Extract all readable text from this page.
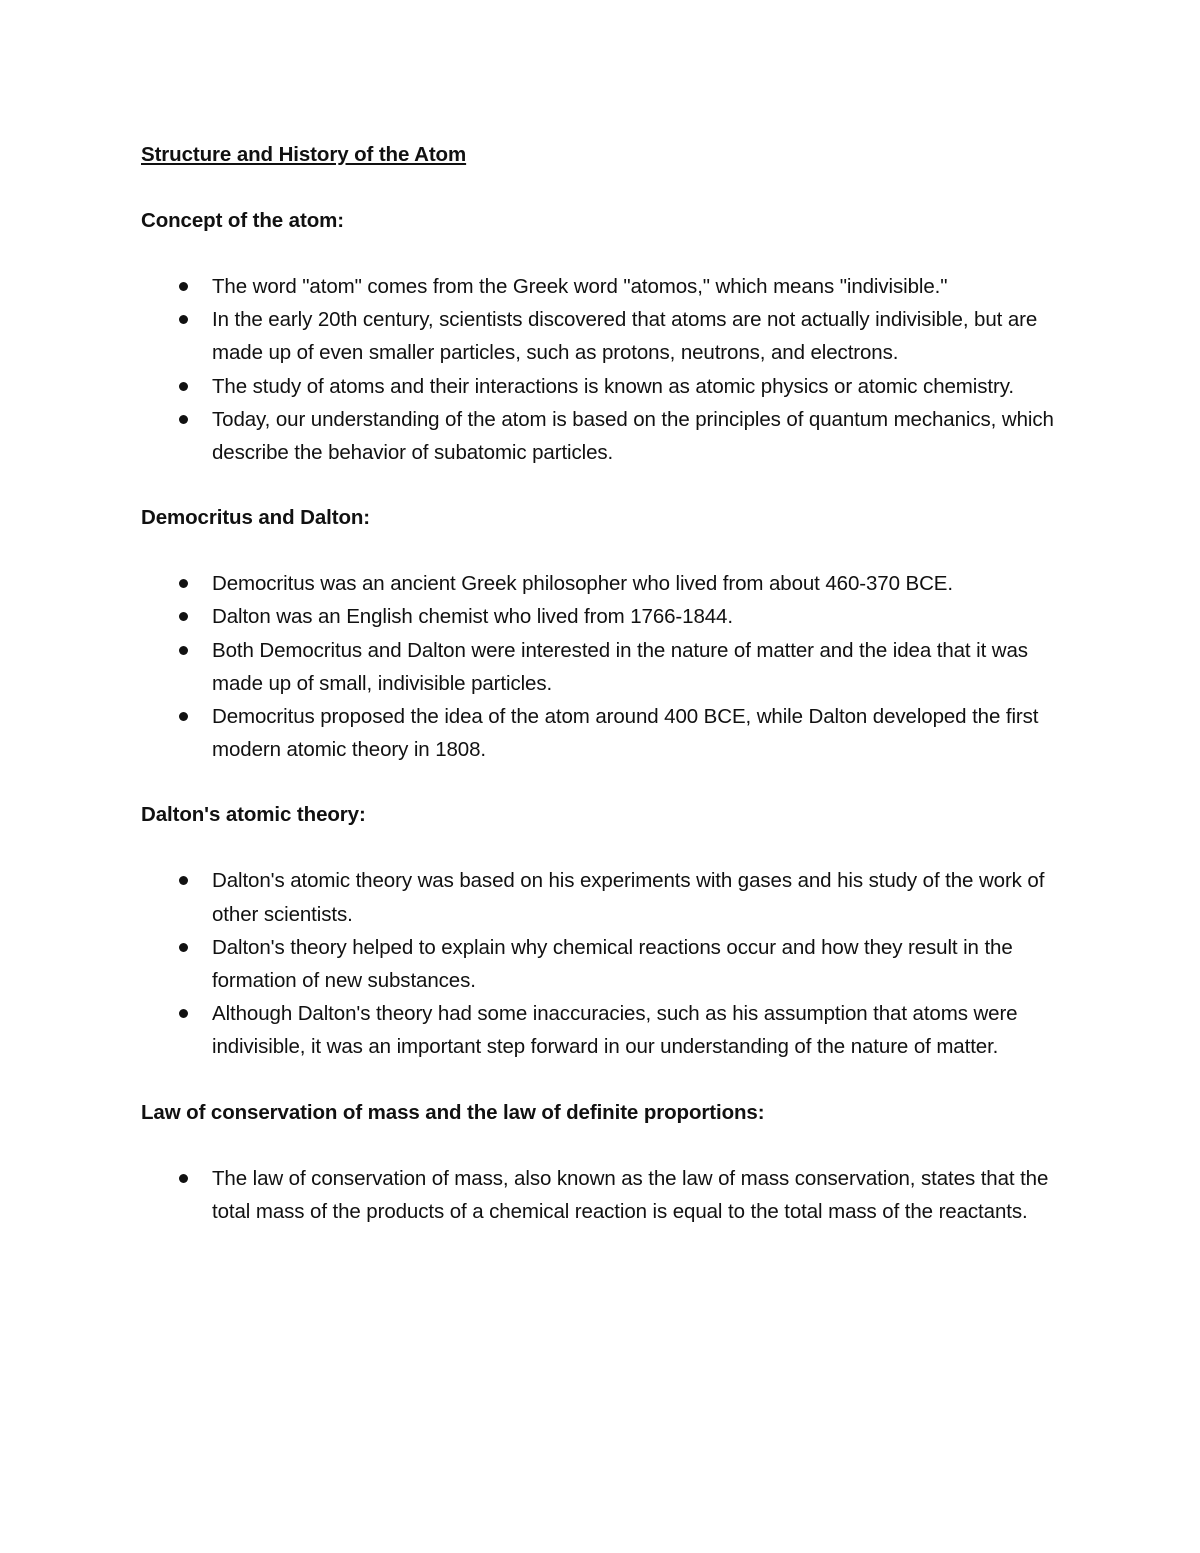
Structure and History of the Atom

Concept of the atom:

The word "atom" comes from the Greek word "atomos," which means "indivisible."
In the early 20th century, scientists discovered that atoms are not actually indivisible, but are made up of even smaller particles, such as protons, neutrons, and electrons.
The study of atoms and their interactions is known as atomic physics or atomic chemistry.
Today, our understanding of the atom is based on the principles of quantum mechanics, which describe the behavior of subatomic particles.

Democritus and Dalton:

Democritus was an ancient Greek philosopher who lived from about 460-370 BCE.
Dalton was an English chemist who lived from 1766-1844.
Both Democritus and Dalton were interested in the nature of matter and the idea that it was made up of small, indivisible particles.
Democritus proposed the idea of the atom around 400 BCE, while Dalton developed the first modern atomic theory in 1808.

Dalton's atomic theory:

Dalton's atomic theory was based on his experiments with gases and his study of the work of other scientists.
Dalton's theory helped to explain why chemical reactions occur and how they result in the formation of new substances.
Although Dalton's theory had some inaccuracies, such as his assumption that atoms were indivisible, it was an important step forward in our understanding of the nature of matter.

Law of conservation of mass and the law of definite proportions:

The law of conservation of mass, also known as the law of mass conservation, states that the total mass of the products of a chemical reaction is equal to the total mass of the reactants.
